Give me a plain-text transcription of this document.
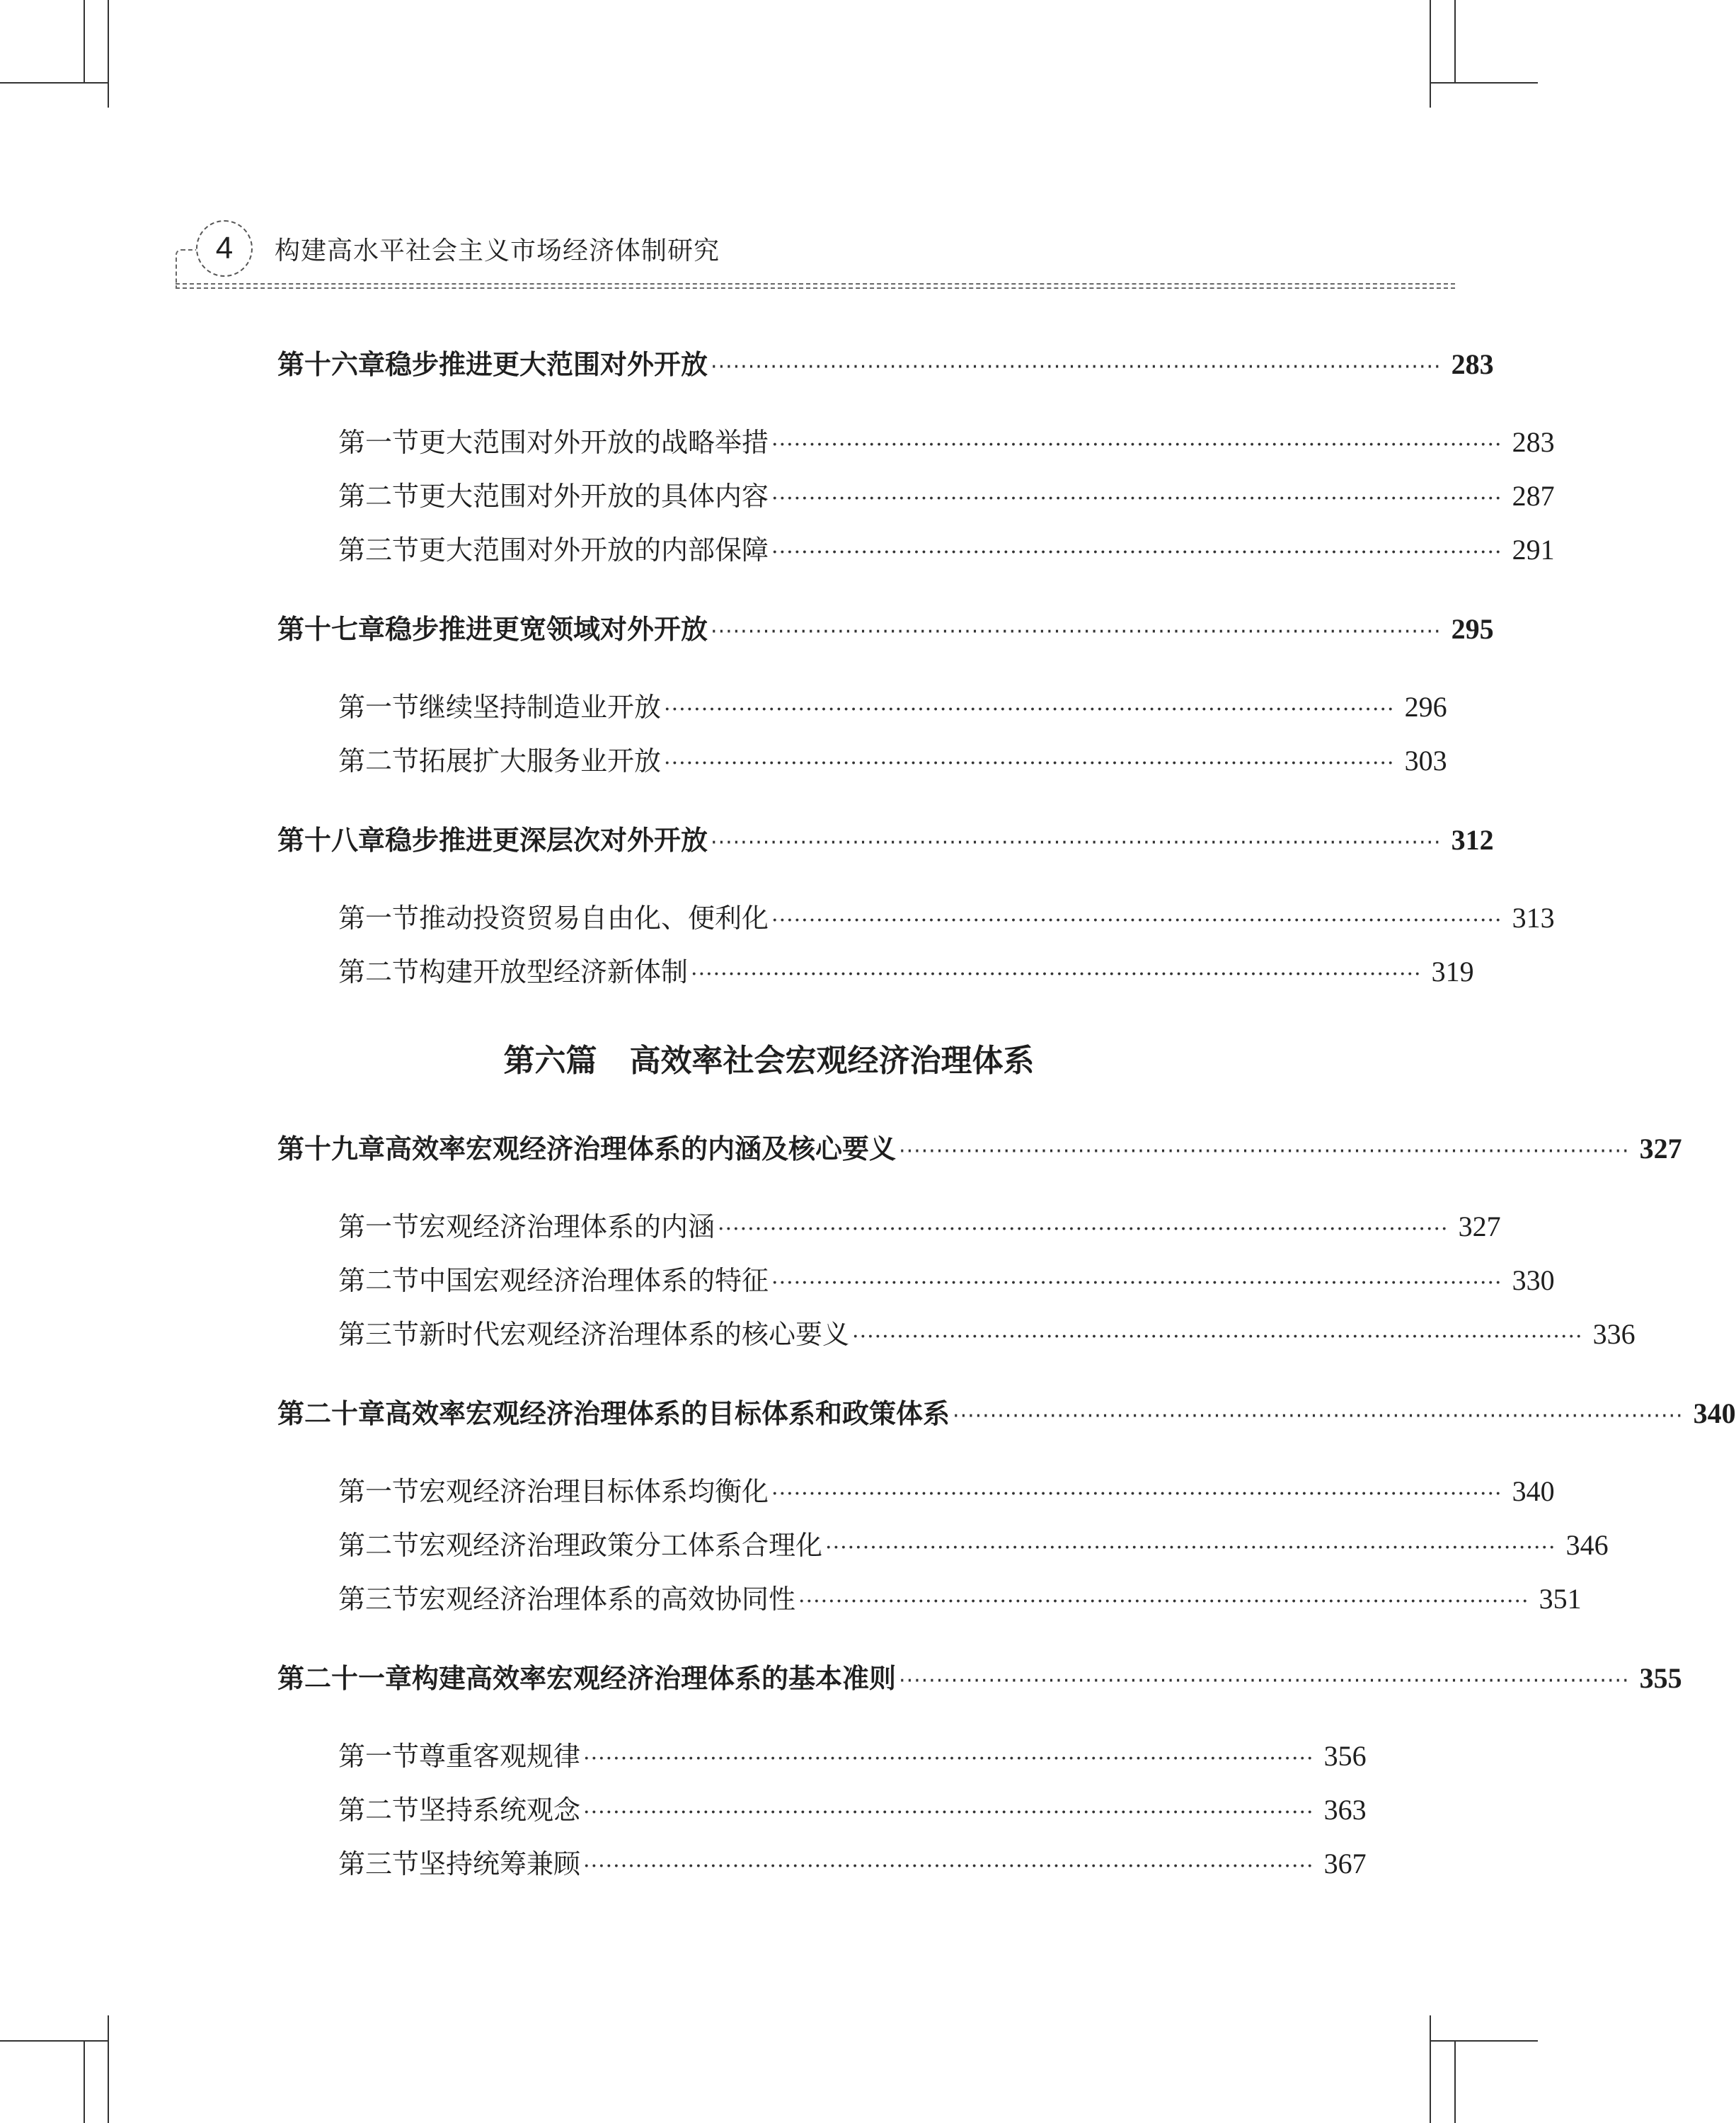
4 构建高水平社会主义市场经济体制研究
第十六章 稳步推进更大范围对外开放 ·································································································· 283
第一节 更大范围对外开放的战略举措 ·································································································· 283
第二节 更大范围对外开放的具体内容 ·································································································· 287
第三节 更大范围对外开放的内部保障 ·································································································· 291
第十七章 稳步推进更宽领域对外开放 ·································································································· 295
第一节 继续坚持制造业开放 ·································································································· 296
第二节 拓展扩大服务业开放 ·································································································· 303
第十八章 稳步推进更深层次对外开放 ·································································································· 312
第一节 推动投资贸易自由化、便利化 ·································································································· 313
第二节 构建开放型经济新体制 ·································································································· 319
第六篇 高效率社会宏观经济治理体系
第十九章 高效率宏观经济治理体系的内涵及核心要义 ·································································································· 327
第一节 宏观经济治理体系的内涵 ·································································································· 327
第二节 中国宏观经济治理体系的特征 ·································································································· 330
第三节 新时代宏观经济治理体系的核心要义 ·································································································· 336
第二十章 高效率宏观经济治理体系的目标体系和政策体系 ·································································································· 340
第一节 宏观经济治理目标体系均衡化 ·································································································· 340
第二节 宏观经济治理政策分工体系合理化 ·································································································· 346
第三节 宏观经济治理体系的高效协同性 ·································································································· 351
第二十一章 构建高效率宏观经济治理体系的基本准则 ·································································································· 355
第一节 尊重客观规律 ·································································································· 356
第二节 坚持系统观念 ·································································································· 363
第三节 坚持统筹兼顾 ·································································································· 367
